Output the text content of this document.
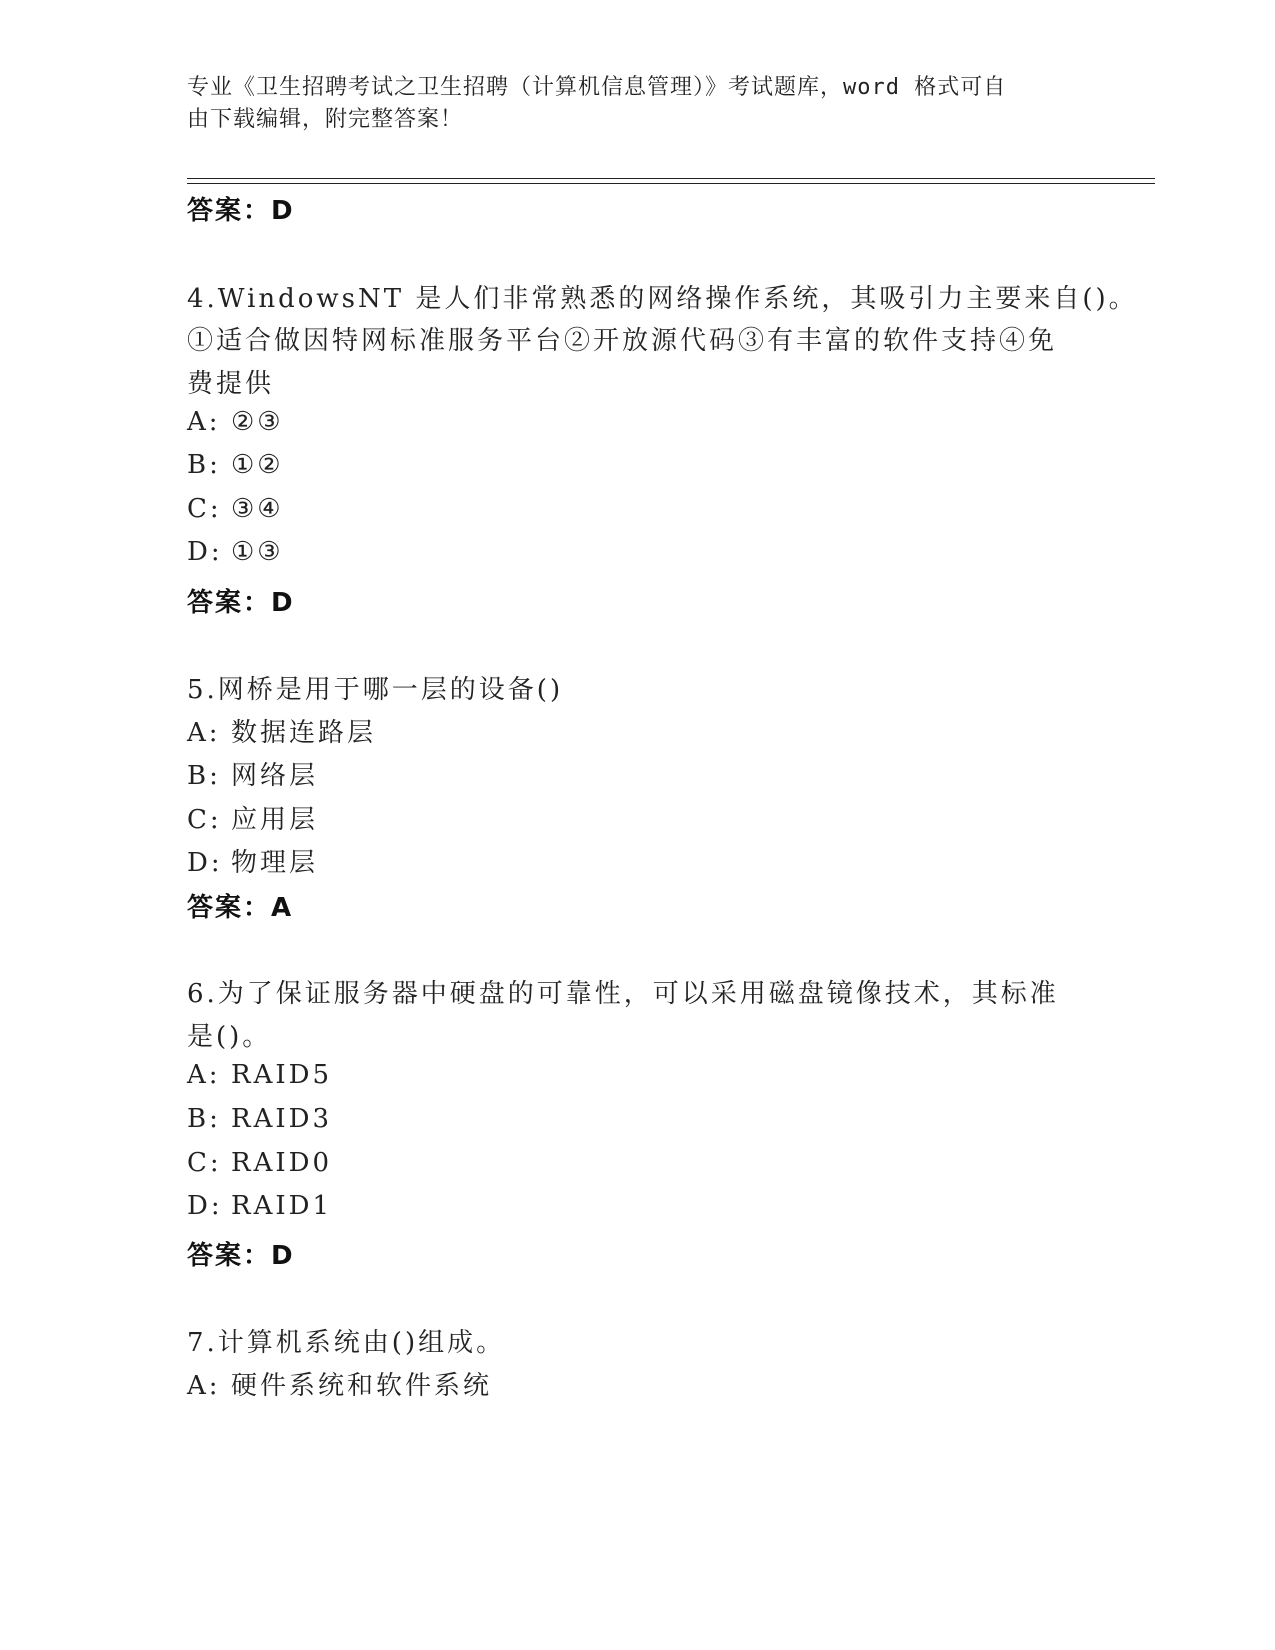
专业《卫生招聘考试之卫生招聘（计算机信息管理）》考试题库，word 格式可自
由下载编辑，附完整答案！
答案：D
4.WindowsNT 是人们非常熟悉的网络操作系统，其吸引力主要来自()。
①适合做因特网标准服务平台②开放源代码③有丰富的软件支持④免
费提供
A: ②③
B: ①②
C: ③④
D: ①③
答案：D
5.网桥是用于哪一层的设备()
A: 数据连路层
B: 网络层
C: 应用层
D: 物理层
答案：A
6.为了保证服务器中硬盘的可靠性，可以采用磁盘镜像技术，其标准
是()。
A: RAID5
B: RAID3
C: RAID0
D: RAID1
答案：D
7.计算机系统由()组成。
A: 硬件系统和软件系统
